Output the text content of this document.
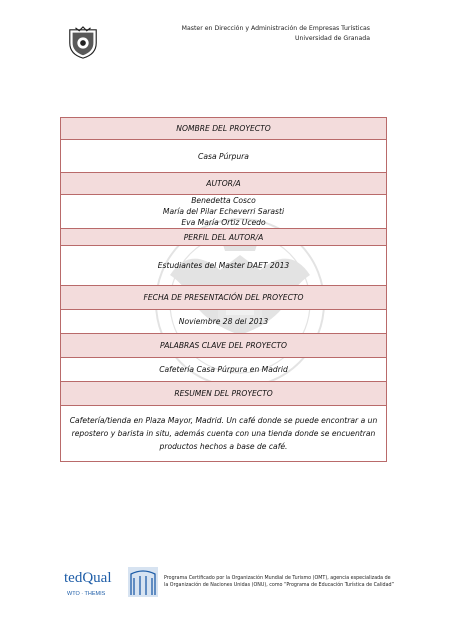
Master en Dirección y Administración de Empresas Turísticas
Universidad de Granada
NOMBRE DEL PROYECTO
Casa Púrpura
AUTOR/A

Benedetta Cosco
María del Pilar Echeverri Sarasti
Eva María Ortiz Ucedo

PERFIL DEL AUTOR/A
Estudiantes del Master DAET 2013
FECHA DE PRESENTACIÓN DEL PROYECTO
Noviembre 28 del 2013
PALABRAS CLAVE DEL PROYECTO
Cafetería Casa Púrpura en Madrid
RESUMEN DEL PROYECTO
Cafetería/tienda en Plaza Mayor, Madrid. Un café donde se puede encontrar a un repostero y barista in situ, además cuenta con una tienda donde se encuentran productos hechos a base de café.
tedQual
WTO · THEMIS
Programa Certificado por la Organización Mundial de Turismo (OMT), agencia especializada de la Organización de Naciones Unidas (ONU), como “Programa de Educación Turística de Calidad”
